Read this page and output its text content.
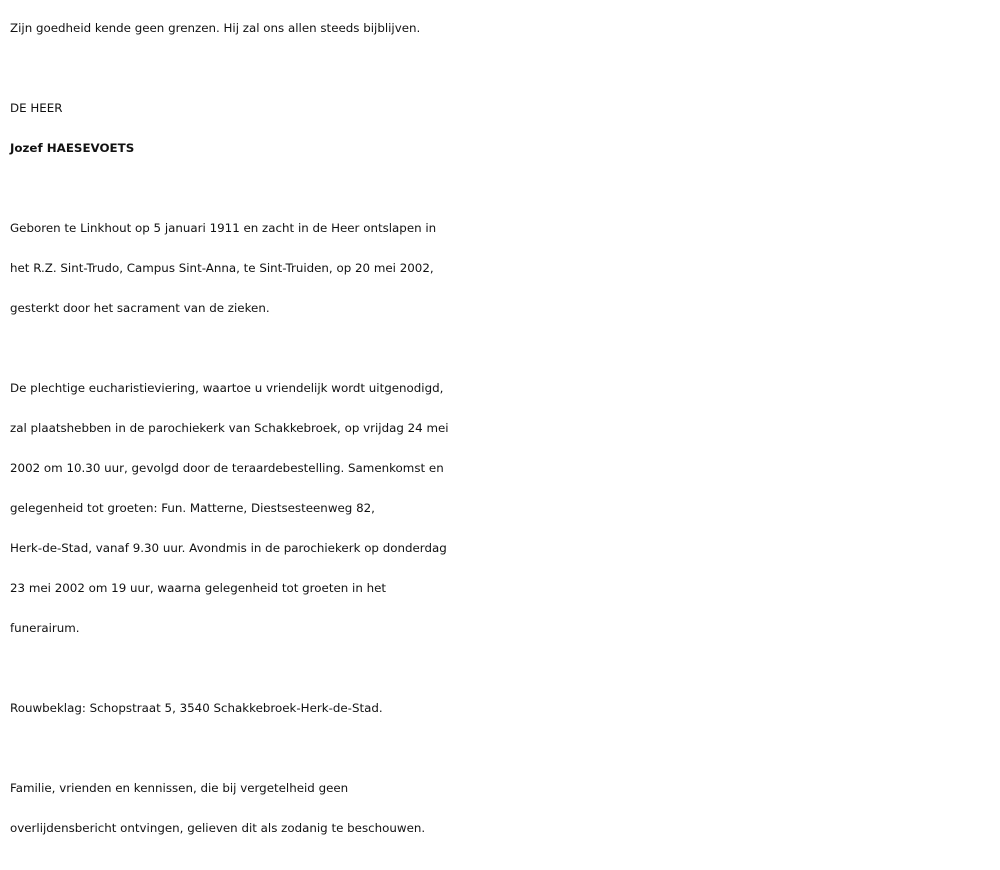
Zijn goedheid kende geen grenzen. Hij zal ons allen steeds bijblijven.
DE HEER
Jozef HAESEVOETS
Geboren te Linkhout op 5 januari 1911 en zacht in de Heer ontslapen in
het R.Z. Sint-Trudo, Campus Sint-Anna, te Sint-Truiden, op 20 mei 2002,
gesterkt door het sacrament van de zieken.
De plechtige eucharistieviering, waartoe u vriendelijk wordt uitgenodigd,
zal plaatshebben in de parochiekerk van Schakkebroek, op vrijdag 24 mei
2002 om 10.30 uur, gevolgd door de teraardebestelling. Samenkomst en
gelegenheid tot groeten: Fun. Matterne, Diestsesteenweg 82,
Herk-de-Stad, vanaf 9.30 uur. Avondmis in de parochiekerk op donderdag
23 mei 2002 om 19 uur, waarna gelegenheid tot groeten in het
funerairum.
Rouwbeklag: Schopstraat 5, 3540 Schakkebroek-Herk-de-Stad.
Familie, vrienden en kennissen, die bij vergetelheid geen
overlijdensbericht ontvingen, gelieven dit als zodanig te beschouwen.
